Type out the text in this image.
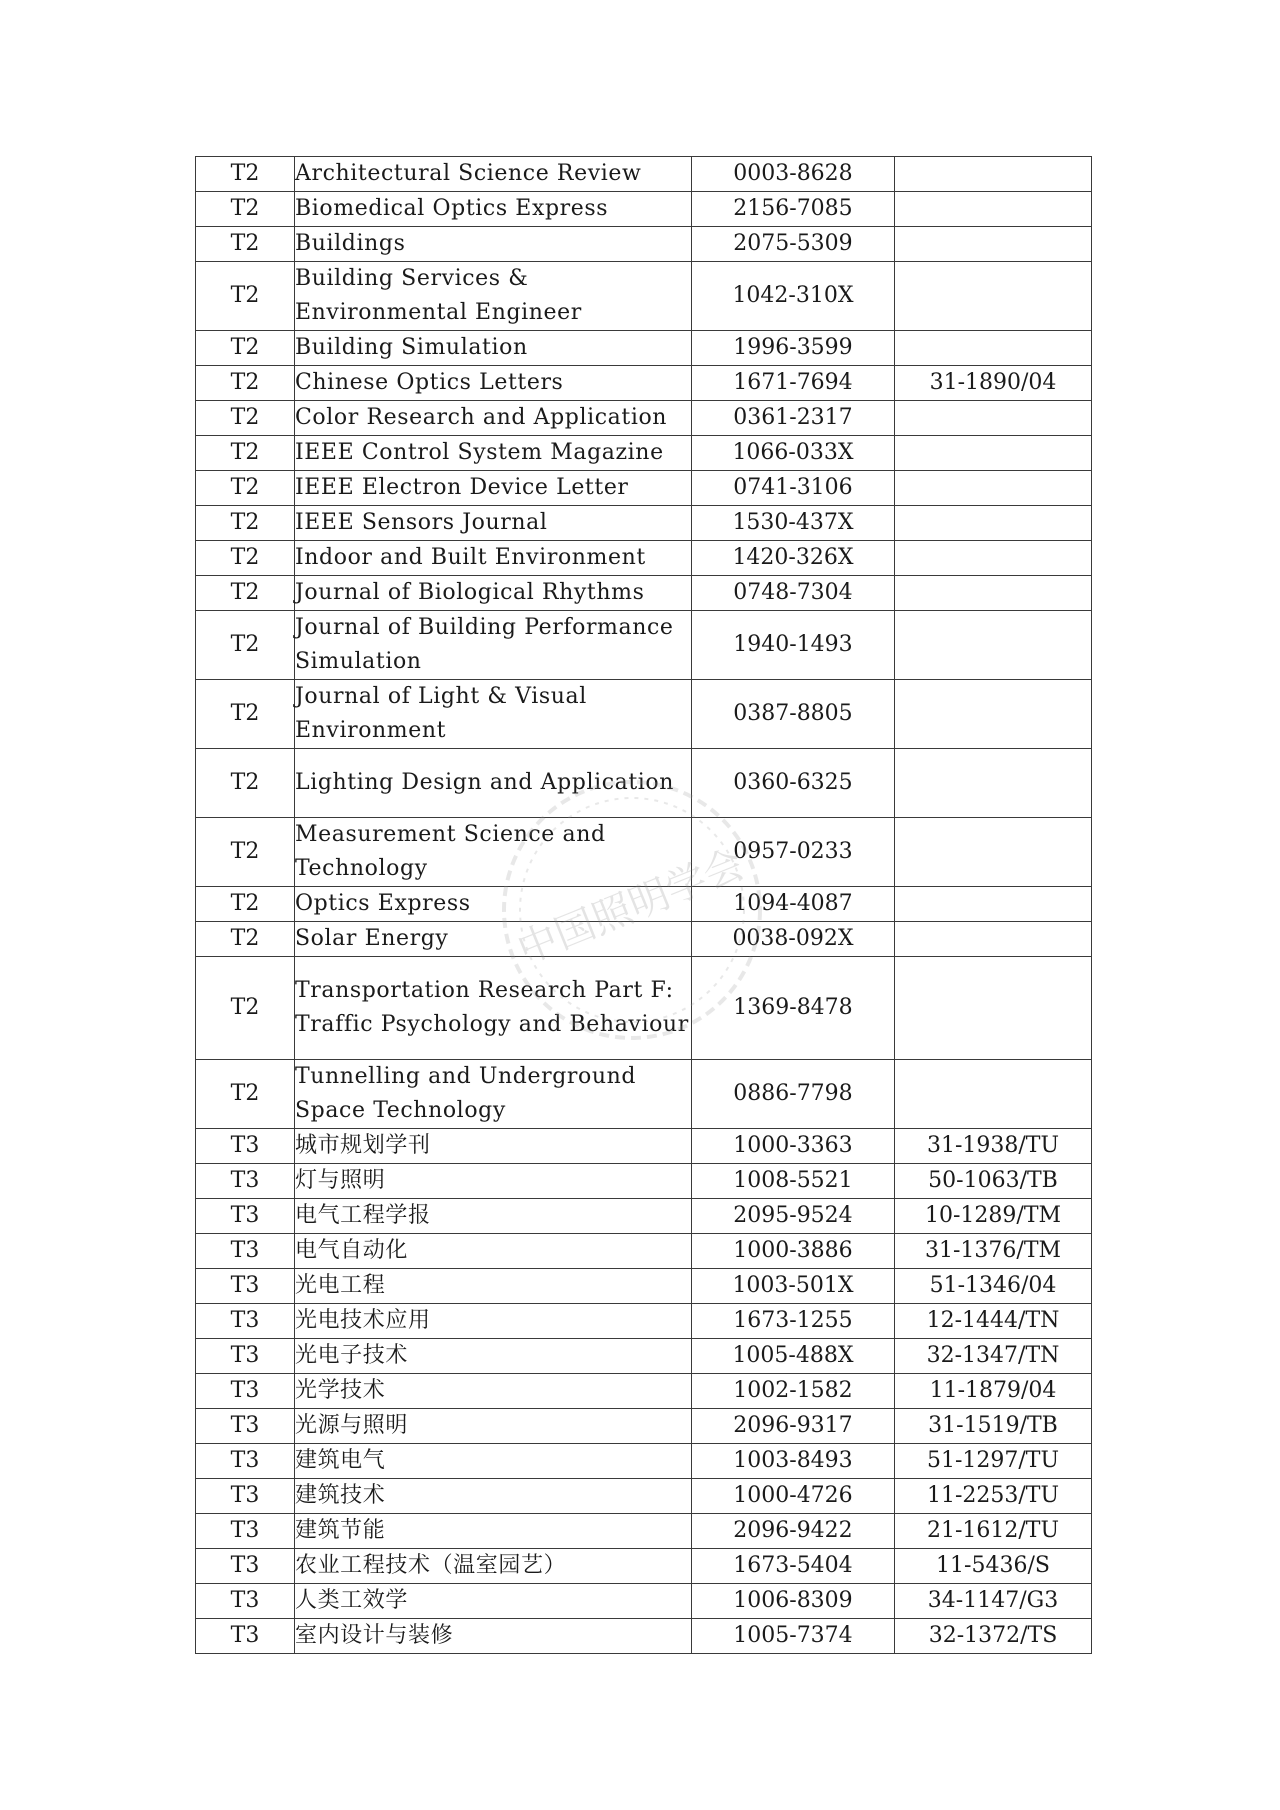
T2	Architectural Science Review	0003-8628	
T2	Biomedical Optics Express	2156-7085	
T2	Buildings	2075-5309	
T2	Building Services & Environmental Engineer	1042-310X	
T2	Building Simulation	1996-3599	
T2	Chinese Optics Letters	1671-7694	31-1890/04
T2	Color Research and Application	0361-2317	
T2	IEEE Control System Magazine	1066-033X	
T2	IEEE Electron Device Letter	0741-3106	
T2	IEEE Sensors Journal	1530-437X	
T2	Indoor and Built Environment	1420-326X	
T2	Journal of Biological Rhythms	0748-7304	
T2	Journal of Building Performance Simulation	1940-1493	
T2	Journal of Light & Visual Environment	0387-8805	
T2	Lighting Design and Application	0360-6325	
T2	Measurement Science and Technology	0957-0233	
T2	Optics Express	1094-4087	
T2	Solar Energy	0038-092X	
T2	Transportation Research Part F: Traffic Psychology and Behaviour	1369-8478	
T2	Tunnelling and Underground Space Technology	0886-7798	
T3	城市规划学刊	1000-3363	31-1938/TU
T3	灯与照明	1008-5521	50-1063/TB
T3	电气工程学报	2095-9524	10-1289/TM
T3	电气自动化	1000-3886	31-1376/TM
T3	光电工程	1003-501X	51-1346/04
T3	光电技术应用	1673-1255	12-1444/TN
T3	光电子技术	1005-488X	32-1347/TN
T3	光学技术	1002-1582	11-1879/04
T3	光源与照明	2096-9317	31-1519/TB
T3	建筑电气	1003-8493	51-1297/TU
T3	建筑技术	1000-4726	11-2253/TU
T3	建筑节能	2096-9422	21-1612/TU
T3	农业工程技术（温室园艺）	1673-5404	11-5436/S
T3	人类工效学	1006-8309	34-1147/G3
T3	室内设计与装修	1005-7374	32-1372/TS
中国照明学会
